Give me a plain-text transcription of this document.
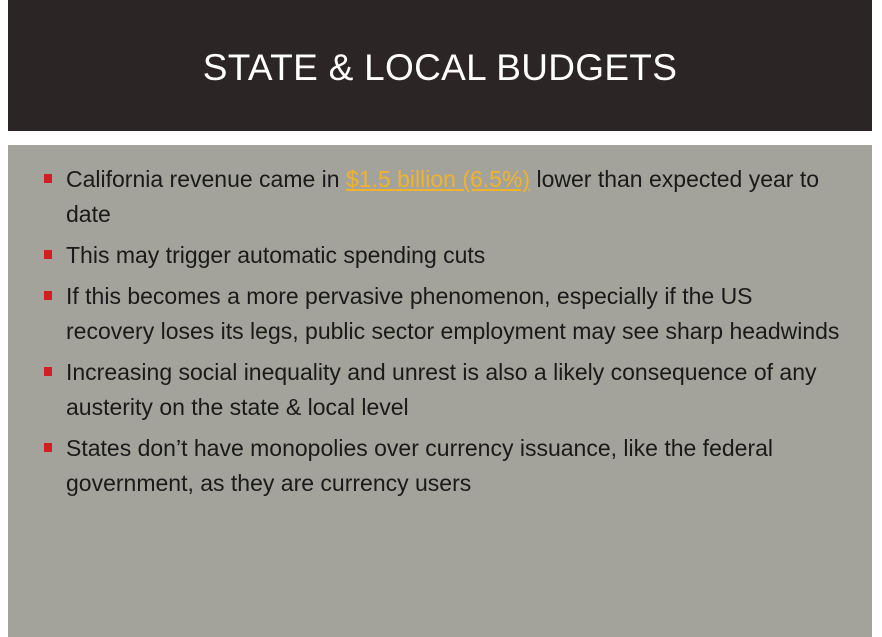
STATE & LOCAL BUDGETS
California revenue came in $1.5 billion (6.5%) lower than expected year to date
This may trigger automatic spending cuts
If this becomes a more pervasive phenomenon, especially if the US recovery loses its legs, public sector employment may see sharp headwinds
Increasing social inequality and unrest is also a likely consequence of any austerity on the state & local level
States don’t have monopolies over currency issuance, like the federal government, as they are currency users
